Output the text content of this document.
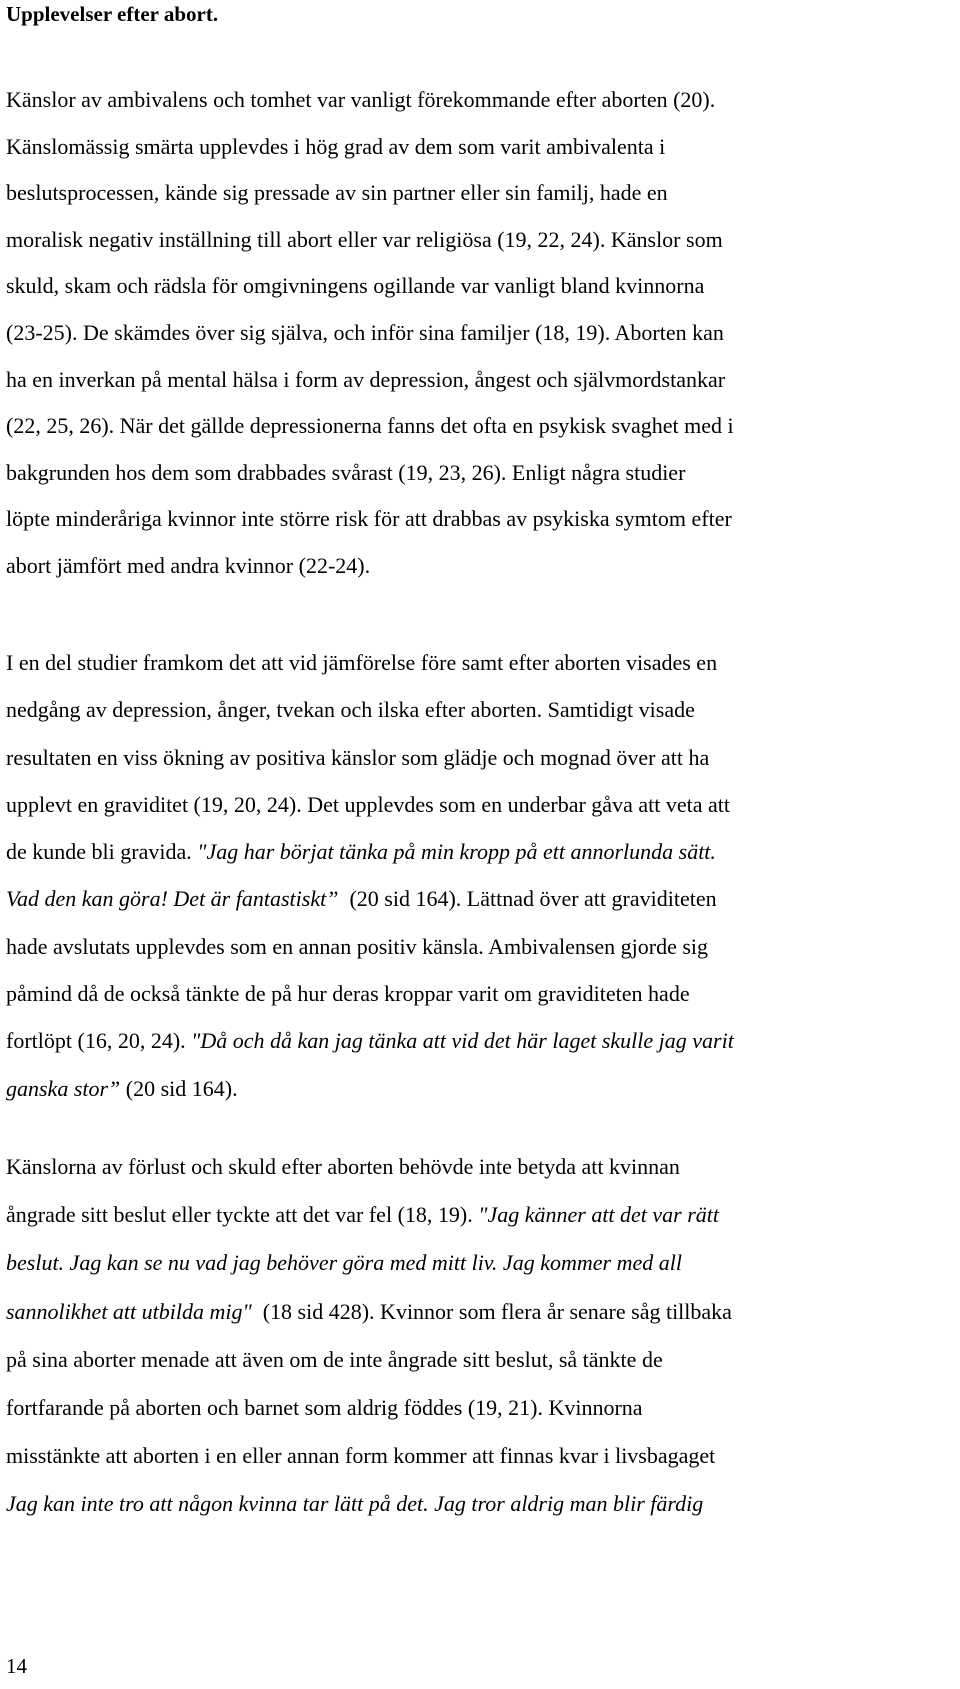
Upplevelser efter abort.

Känslor av ambivalens och tomhet var vanligt förekommande efter aborten (20).
Känslomässig smärta upplevdes i hög grad av dem som varit ambivalenta i
beslutsprocessen, kände sig pressade av sin partner eller sin familj, hade en
moralisk negativ inställning till abort eller var religiösa (19, 22, 24). Känslor som
skuld, skam och rädsla för omgivningens ogillande var vanligt bland kvinnorna
(23-25). De skämdes över sig själva, och inför sina familjer (18, 19). Aborten kan
ha en inverkan på mental hälsa i form av depression, ångest och självmordstankar
(22, 25, 26). När det gällde depressionerna fanns det ofta en psykisk svaghet med i
bakgrunden hos dem som drabbades svårast (19, 23, 26). Enligt några studier
löpte minderåriga kvinnor inte större risk för att drabbas av psykiska symtom efter
abort jämfört med andra kvinnor (22-24).

I en del studier framkom det att vid jämförelse före samt efter aborten visades en
nedgång av depression, ånger, tvekan och ilska efter aborten. Samtidigt visade
resultaten en viss ökning av positiva känslor som glädje och mognad över att ha
upplevt en graviditet (19, 20, 24). Det upplevdes som en underbar gåva att veta att
de kunde bli gravida. "Jag har börjat tänka på min kropp på ett annorlunda sätt.
Vad den kan göra! Det är fantastiskt”  (20 sid 164). Lättnad över att graviditeten
hade avslutats upplevdes som en annan positiv känsla. Ambivalensen gjorde sig
påmind då de också tänkte de på hur deras kroppar varit om graviditeten hade
fortlöpt (16, 20, 24). "Då och då kan jag tänka att vid det här laget skulle jag varit
ganska stor” (20 sid 164).

Känslorna av förlust och skuld efter aborten behövde inte betyda att kvinnan
ångrade sitt beslut eller tyckte att det var fel (18, 19). "Jag känner att det var rätt
beslut. Jag kan se nu vad jag behöver göra med mitt liv. Jag kommer med all
sannolikhet att utbilda mig"  (18 sid 428). Kvinnor som flera år senare såg tillbaka
på sina aborter menade att även om de inte ångrade sitt beslut, så tänkte de
fortfarande på aborten och barnet som aldrig föddes (19, 21). Kvinnorna
misstänkte att aborten i en eller annan form kommer att finnas kvar i livsbagaget
Jag kan inte tro att någon kvinna tar lätt på det. Jag tror aldrig man blir färdig

14
